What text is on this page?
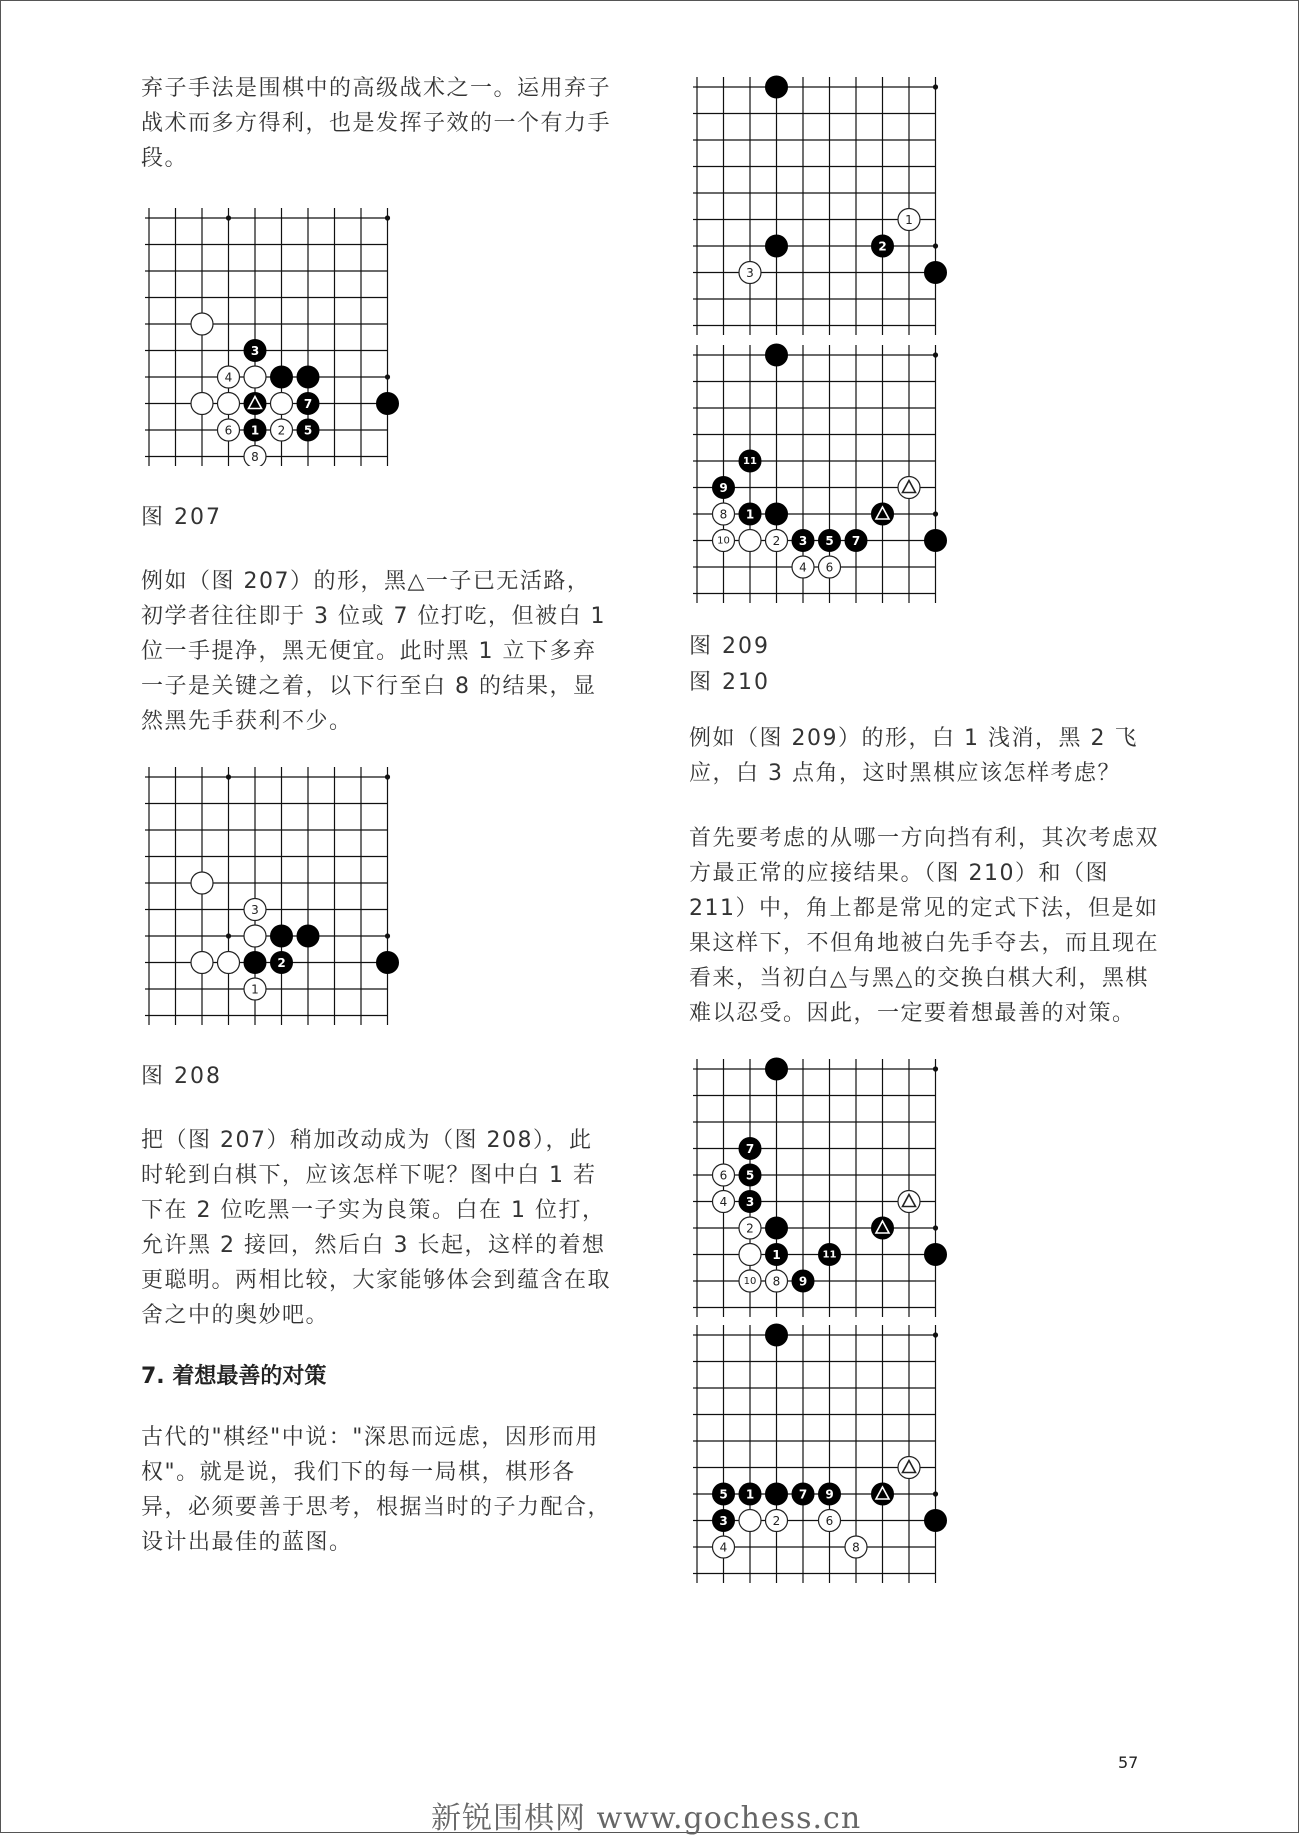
弃子手法是围棋中的高级战术之一。运用弃子战术而多方得利，也是发挥子效的一个有力手段。

3
4
7
6 1 2 5
8
图 207

例如（图 207）的形，黑△一子已无活路，初学者往往即于 3 位或 7 位打吃，但被白 1 位一手提净，黑无便宜。此时黑 1 立下多弃一子是关键之着，以下行至白 8 的结果，显然黑先手获利不少。

3
2
1
图 208

把（图 207）稍加改动成为（图 208），此时轮到白棋下，应该怎样下呢？图中白 1 若下在 2 位吃黑一子实为良策。白在 1 位打，允许黑 2 接回，然后白 3 长起，这样的着想更聪明。两相比较，大家能够体会到蕴含在取舍之中的奥妙吧。

7. 着想最善的对策

古代的"棋经"中说："深思而远虑，因形而用权"。就是说，我们下的每一局棋，棋形各异，必须要善于思考，根据当时的子力配合，设计出最佳的蓝图。

1
2
3
11
9
8 1
10	2 3 5 7
4 6
图 209
图 210

例如（图 209）的形，白 1 浅消，黑 2 飞应，白 3 点角，这时黑棋应该怎样考虑？

首先要考虑的从哪一方向挡有利，其次考虑双方最正常的应接结果。（图 210）和（图 211）中，角上都是常见的定式下法，但是如果这样下，不但角地被白先手夺去，而且现在看来，当初白△与黑△的交换白棋大利，黑棋难以忍受。因此，一定要着想最善的对策。

7
6 5
4 3
2
1	11
10 8 9
5 1	7 9
3	2	6
4	8
57
新锐围棋网 www.gochess.cn
